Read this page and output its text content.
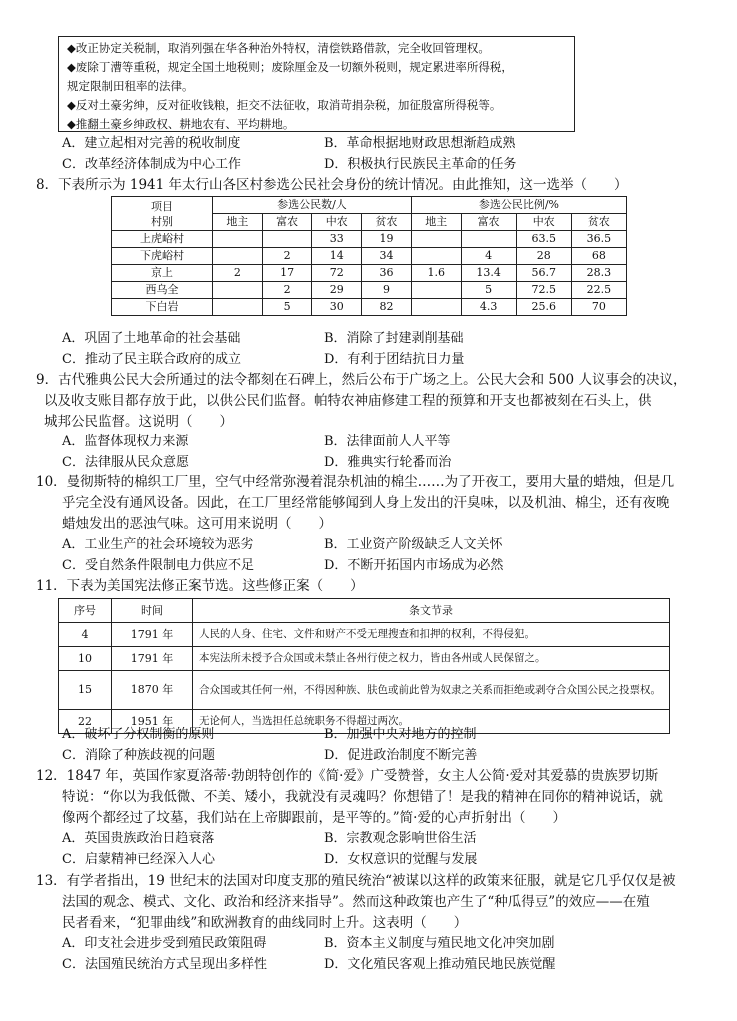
◆改正协定关税制，取消列强在华各种治外特权，清偿铁路借款，完全收回管理权。
◆废除丁漕等重税，规定全国土地税则；废除厘金及一切额外税则，规定累进率所得税，
规定限制田租率的法律。
◆反对土豪劣绅，反对征收钱粮，拒交不法征收，取消苛捐杂税，加征殷富所得税等。
◆推翻土豪乡绅政权、耕地农有、平均耕地。
A．建立起相对完善的税收制度	B．革命根据地财政思想渐趋成熟
C．改革经济体制成为中心工作	D．积极执行民族民主革命的任务
8．下表所示为 1941 年太行山各区村参选公民社会身份的统计情况。由此推知，这一选举（　　）
项目
村别	参选公民数/人				参选公民比例/%			
	地主	富农	中农	贫农	地主	富农	中农	贫农
上虎峪村			33	19			63.5	36.5
下虎峪村		2	14	34		4	28	68
京上	2	17	72	36	1.6	13.4	56.7	28.3
西乌全		2	29	9		5	72.5	22.5
下白岩		5	30	82		4.3	25.6	70
A．巩固了土地革命的社会基础	B．消除了封建剥削基础
C．推动了民主联合政府的成立	D．有利于团结抗日力量
9．古代雅典公民大会所通过的法令都刻在石碑上，然后公布于广场之上。公民大会和 500 人议事会的决议，
以及收支账目都存放于此，以供公民们监督。帕特农神庙修建工程的预算和开支也都被刻在石头上，供
城邦公民监督。这说明（　　）
A．监督体现权力来源	B．法律面前人人平等
C．法律服从民众意愿	D．雅典实行轮番而治
10．曼彻斯特的棉织工厂里，空气中经常弥漫着混杂机油的棉尘……为了开夜工，要用大量的蜡烛，但是几
乎完全没有通风设备。因此，在工厂里经常能够闻到人身上发出的汗臭味，以及机油、棉尘，还有夜晚
蜡烛发出的恶浊气味。这可用来说明（　　）
A．工业生产的社会环境较为恶劣	B．工业资产阶级缺乏人文关怀
C．受自然条件限制电力供应不足	D．不断开拓国内市场成为必然
11．下表为美国宪法修正案节选。这些修正案（　　）
序号	时间	条文节录
4	1791 年	人民的人身、住宅、文件和财产不受无理搜查和扣押的权利，不得侵犯。
10	1791 年	本宪法所未授予合众国或未禁止各州行使之权力，皆由各州或人民保留之。
15	1870 年	合众国或其任何一州，不得因种族、肤色或前此曾为奴隶之关系而拒绝或剥夺合众国公民之投票权。
22	1951 年	无论何人，当选担任总统职务不得超过两次。
A．破坏了分权制衡的原则	B．加强中央对地方的控制
C．消除了种族歧视的问题	D．促进政治制度不断完善
12．1847 年，英国作家夏洛蒂·勃朗特创作的《简·爱》广受赞誉，女主人公简·爱对其爱慕的贵族罗切斯
特说：“你以为我低微、不美、矮小，我就没有灵魂吗？你想错了！是我的精神在同你的精神说话，就
像两个都经过了坟墓，我们站在上帝脚跟前，是平等的。”简·爱的心声折射出（　　）
A．英国贵族政治日趋衰落	B．宗教观念影响世俗生活
C．启蒙精神已经深入人心	D．女权意识的觉醒与发展
13．有学者指出，19 世纪末的法国对印度支那的殖民统治“被谋以这样的政策来征服，就是它几乎仅仅是被
法国的观念、模式、文化、政治和经济来指导”。然而这种政策也产生了“种瓜得豆”的效应——在殖
民者看来，“犯罪曲线”和欧洲教育的曲线同时上升。这表明（　　）
A．印支社会进步受到殖民政策阻碍	B．资本主义制度与殖民地文化冲突加剧
C．法国殖民统治方式呈现出多样性	D．文化殖民客观上推动殖民地民族觉醒
